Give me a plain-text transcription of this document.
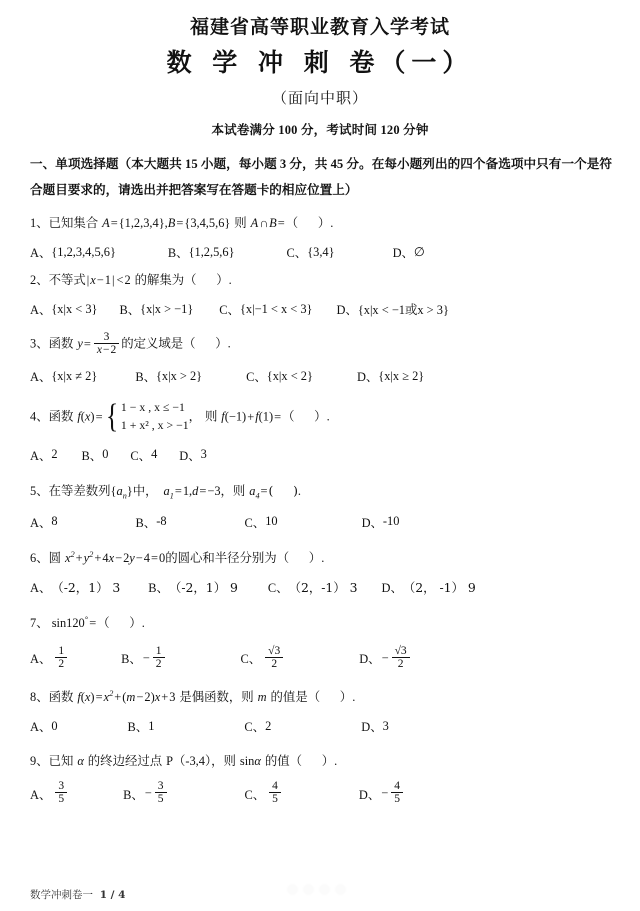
福建省高等职业教育入学考试
数 学 冲 刺 卷（一）
（面向中职）
本试卷满分 100 分，考试时间 120 分钟
一、单项选择题（本大题共 15 小题，每小题 3 分，共 45 分。在每小题列出的四个备选项中只有一个是符合题目要求的，请选出并把答案写在答题卡的相应位置上）
1、已知集合 A={1,2,3,4},B={3,4,5,6} 则 A∩B=（     ）.
A、 {1,2,3,4,5,6}	B、 {1,2,5,6}	C、 {3,4}	D、 ∅
2、不等式|x−1| <2 的解集为（     ）.
A、 {x|x < 3} B、 {x|x > −1} C、 {x|−1 < x < 3} D、 {x|x < −1或x > 3}
3、函数 $y= \frac{3}{x-2}$ 的定义域是（     ）.
A、 {x|x ≠ 2}	B、 {x|x > 2}	C、 {x|x < 2}	D、 {x|x ≥ 2}
4、函数 f(x)= { 1 − x , x ≤ −1
1 + x² , x > −1
， 则 f(−1)+f(1)=（     ）.
A、 2 B、 0 C、 4 D、 3
5、在等差数列$\{a_n\}$中， $a_1=1,d=-3$，则 $a_4=$(     ).
A、 8	B、 -8	C、 10	D、 -10
6、圆 $x^2+y^2+4x-2y-4=0$的圆心和半径分别为（     ）.
A、 （-2，1） 3 B、 （-2，1） 9 C、 （2，-1） 3 D、 （2， -1） 9
7、 sin120°=（     ）.
A、 $\frac{1}{2}$	B、 − $\frac{1}{2}$	C、 $\frac{√3}{2}$	D、 − $\frac{√3}{2}$
8、函数 $f(x)=x^2+(m-2)x+3$ 是偶函数，则 m 的值是（     ）.
A、 0	B、 1	C、 2	D、 3
9、已知 α 的终边经过点 P（-3,4），则 sinα 的值（     ）.
A、 $\frac{3}{5}$	B、 − $\frac{3}{5}$	C、 $\frac{4}{5}$	D、 − $\frac{4}{5}$
数学冲刺卷一 1 / 4
